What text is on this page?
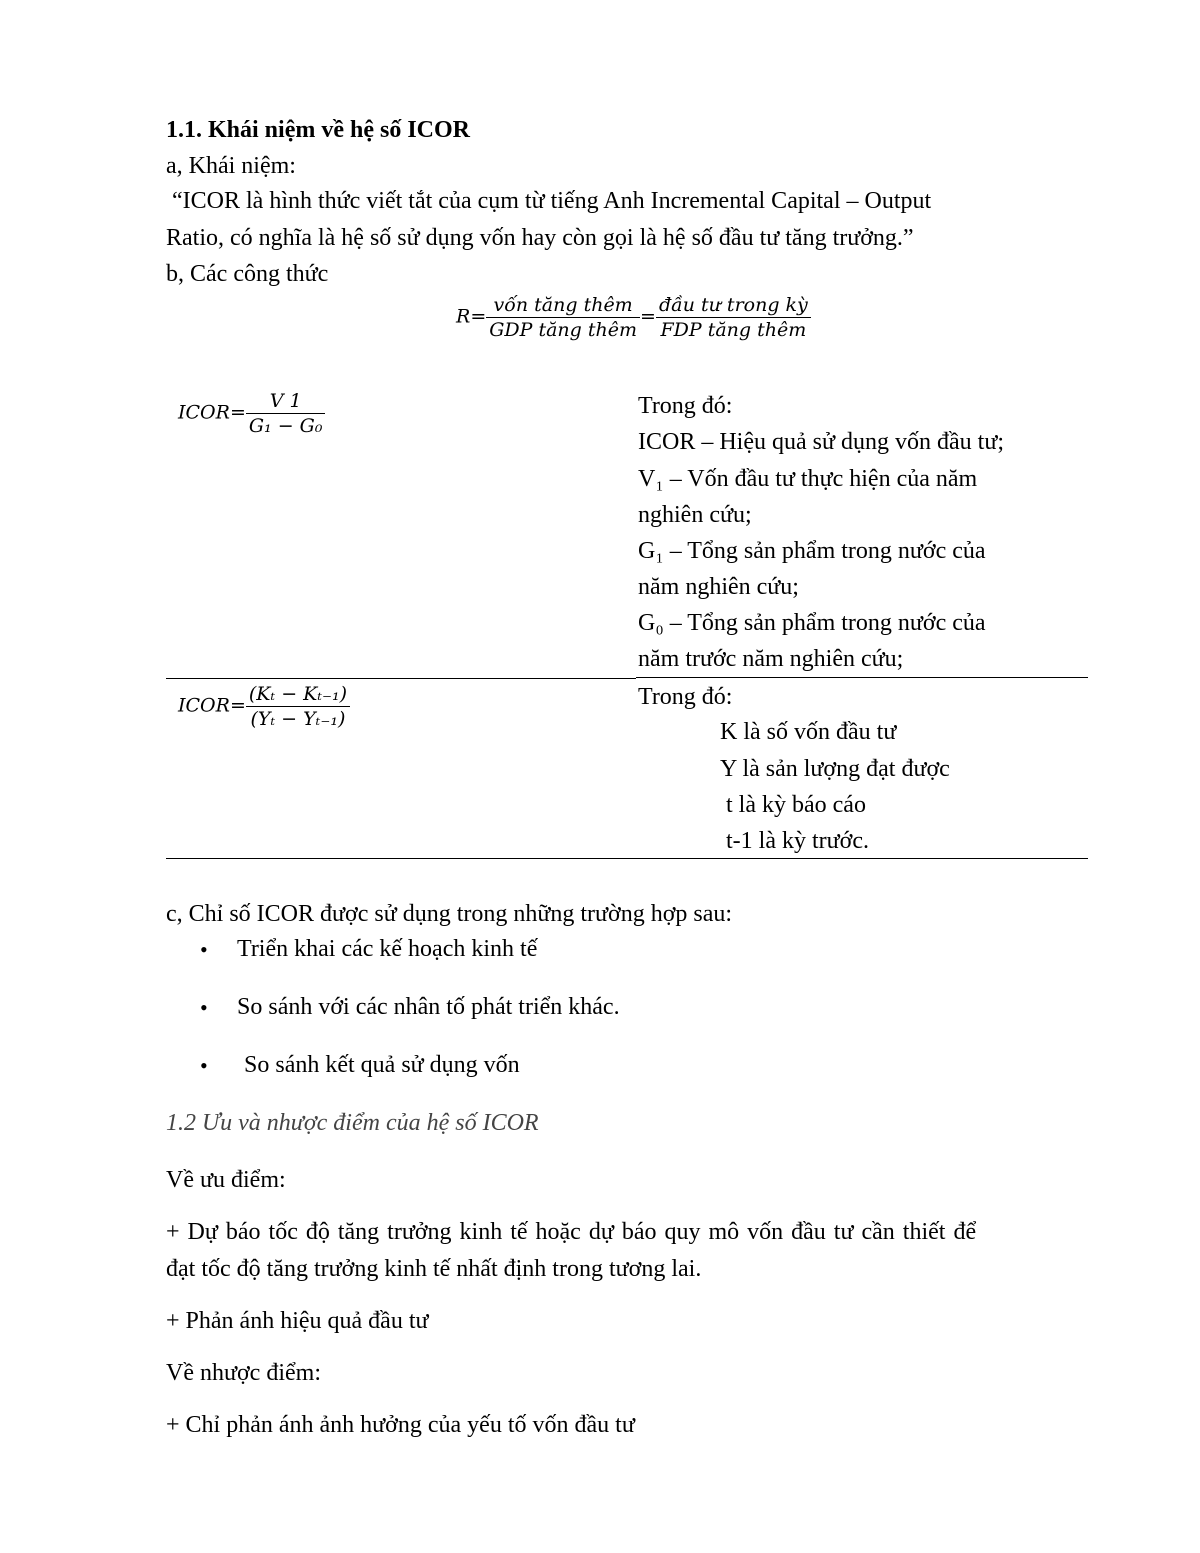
1.1. Khái niệm về hệ số ICOR
a, Khái niệm:
“ICOR là hình thức viết tắt của cụm từ tiếng Anh Incremental Capital – Output
Ratio, có nghĩa là hệ số sử dụng vốn hay còn gọi là hệ số đầu tư tăng trưởng.”
b, Các công thức
$R= \frac{\text{vốn tăng thêm}}{\text{GDP tăng thêm}} = \frac{\text{đầu tư trong kỳ}}{\text{FDP tăng thêm}}$
ICOR= $\frac{V 1}{\text{G₁ − G₀}}$	Trong đó:
ICOR – Hiệu quả sử dụng vốn đầu tư;
V₁ – Vốn đầu tư thực hiện của năm
nghiên cứu;
G₁ – Tổng sản phẩm trong nước của
năm nghiên cứu;
G₀ – Tổng sản phẩm trong nước của
năm trước năm nghiên cứu;
ICOR= $\frac{\text{(Kₜ − Kₜ₋₁)}}{\text{(Yₜ − Yₜ₋₁)}}$	Trong đó:
K là số vốn đầu tư
Y là sản lượng đạt được
t là kỳ báo cáo
t-1 là kỳ trước.
c, Chỉ số ICOR được sử dụng trong những trường hợp sau:
• Triển khai các kế hoạch kinh tế
• So sánh với các nhân tố phát triển khác.
• So sánh kết quả sử dụng vốn
1.2 Ưu và nhược điểm của hệ số ICOR
Về ưu điểm:
+ Dự báo tốc độ tăng trưởng kinh tế hoặc dự báo quy mô vốn đầu tư cần thiết để
đạt tốc độ tăng trưởng kinh tế nhất định trong tương lai.
+ Phản ánh hiệu quả đầu tư
Về nhược điểm:
+ Chỉ phản ánh ảnh hưởng của yếu tố vốn đầu tư
